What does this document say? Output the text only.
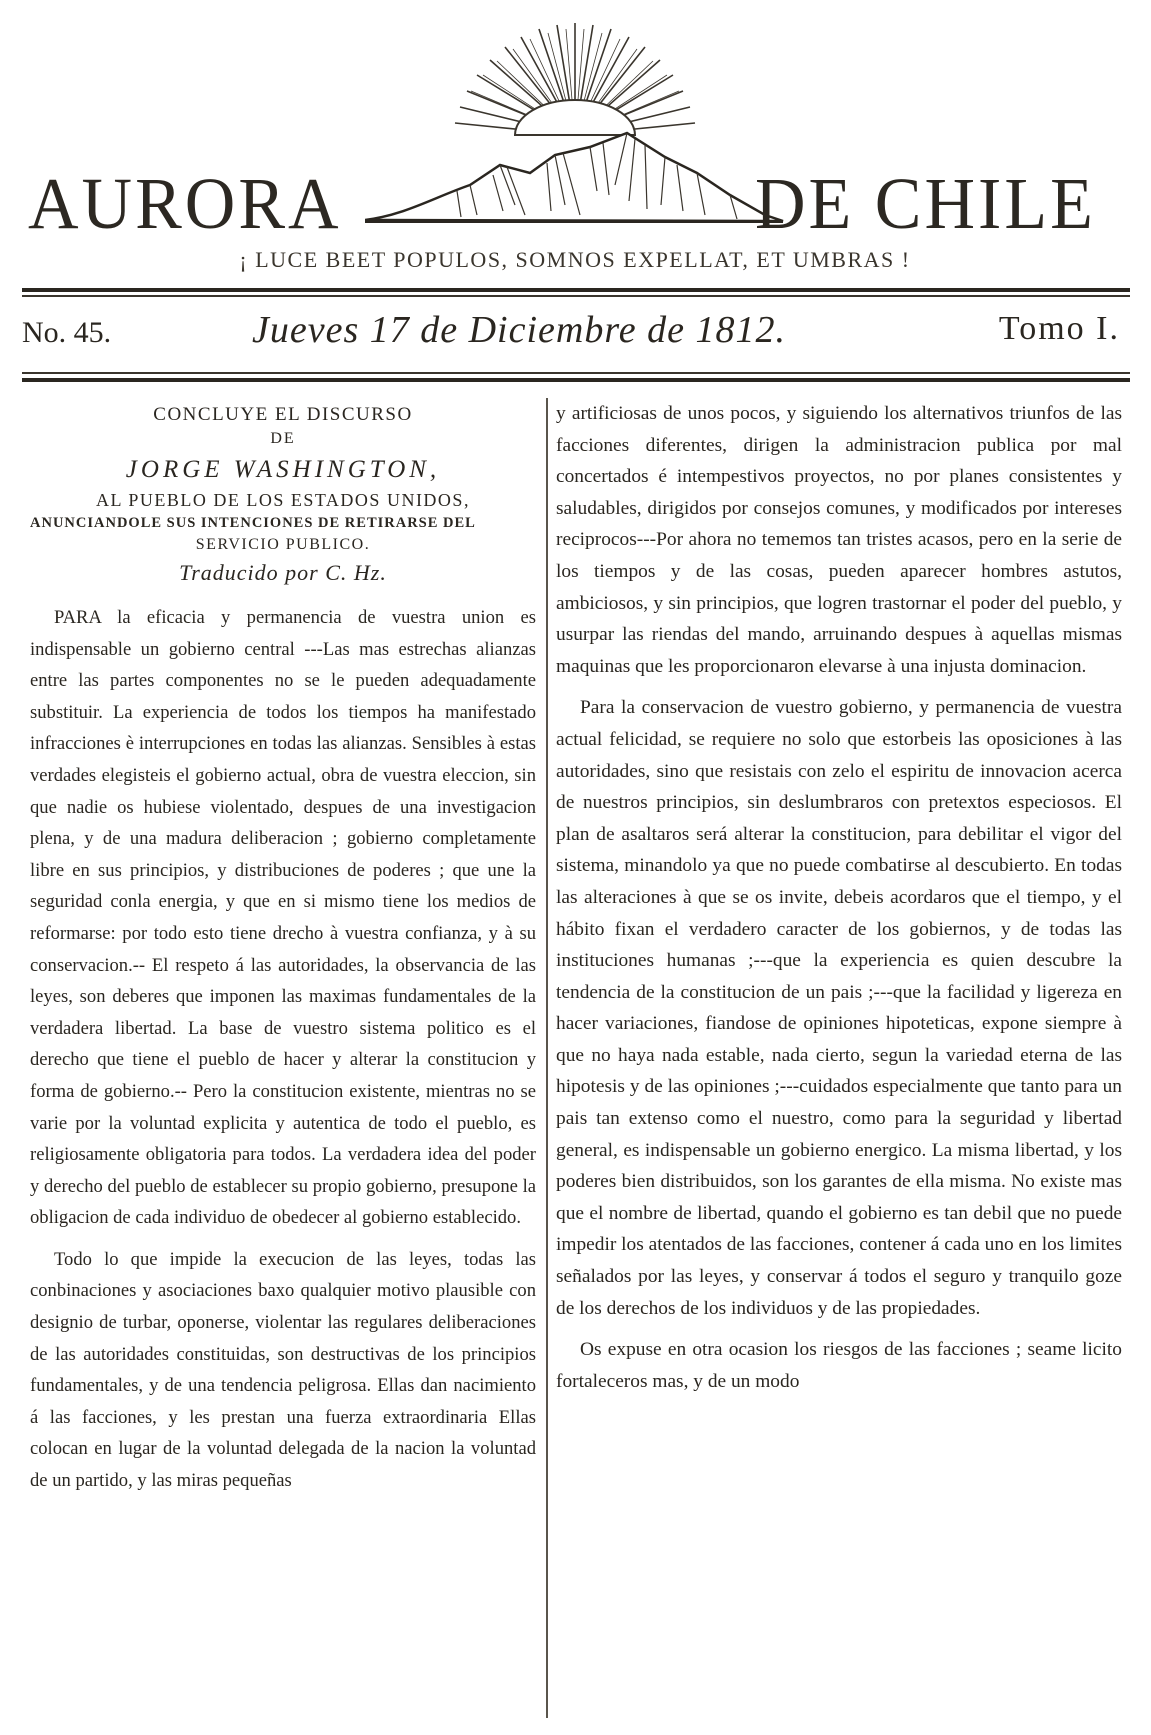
AURORA	DE CHILE
¡ LUCE BEET POPULOS, SOMNOS EXPELLAT, ET UMBRAS !
No. 45.	Jueves 17 de Diciembre de 1812.	Tomo I.
CONCLUYE EL DISCURSO
DE
JORGE WASHINGTON,
AL PUEBLO DE LOS ESTADOS UNIDOS,
ANUNCIANDOLE SUS INTENCIONES DE RETIRARSE DEL
SERVICIO PUBLICO.
Traducido por C. Hz.

PARA la eficacia y permanencia de vuestra union es indispensable un gobierno central ---Las mas estrechas alianzas entre las partes componentes no se le pueden adequadamente substituir. La experiencia de todos los tiempos ha manifestado infracciones è interrupciones en todas las alianzas. Sensibles à estas verdades elegisteis el gobierno actual, obra de vuestra eleccion, sin que nadie os hubiese violentado, despues de una investigacion plena, y de una madura deliberacion ; gobierno completamente libre en sus principios, y distribuciones de poderes ; que une la seguridad conla energia, y que en si mismo tiene los medios de reformarse: por todo esto tiene drecho à vuestra confianza, y à su conservacion.-- El respeto á las autoridades, la observancia de las leyes, son deberes que imponen las maximas fundamentales de la verdadera libertad. La base de vuestro sistema politico es el derecho que tiene el pueblo de hacer y alterar la constitucion y forma de gobierno.-- Pero la constitucion existente, mientras no se varie por la voluntad explicita y autentica de todo el pueblo, es religiosamente obligatoria para todos. La verdadera idea del poder y derecho del pueblo de establecer su propio gobierno, presupone la obligacion de cada individuo de obedecer al gobierno establecido.

Todo lo que impide la execucion de las leyes, todas las conbinaciones y asociaciones baxo qualquier motivo plausible con designio de turbar, oponerse, violentar las regulares deliberaciones de las autoridades constituidas, son destructivas de los principios fundamentales, y de una tendencia peligrosa. Ellas dan nacimiento á las facciones, y les prestan una fuerza extraordinaria Ellas colocan en lugar de la voluntad delegada de la nacion la voluntad de un partido, y las miras pequeñas

y artificiosas de unos pocos, y siguiendo los alternativos triunfos de las facciones diferentes, dirigen la administracion publica por mal concertados é intempestivos proyectos, no por planes consistentes y saludables, dirigidos por consejos comunes, y modificados por intereses reciprocos---Por ahora no tememos tan tristes acasos, pero en la serie de los tiempos y de las cosas, pueden aparecer hombres astutos, ambiciosos, y sin principios, que logren trastornar el poder del pueblo, y usurpar las riendas del mando, arruinando despues à aquellas mismas maquinas que les proporcionaron elevarse à una injusta dominacion.

Para la conservacion de vuestro gobierno, y permanencia de vuestra actual felicidad, se requiere no solo que estorbeis las oposiciones à las autoridades, sino que resistais con zelo el espiritu de innovacion acerca de nuestros principios, sin deslumbraros con pretextos especiosos. El plan de asaltaros será alterar la constitucion, para debilitar el vigor del sistema, minandolo ya que no puede combatirse al descubierto. En todas las alteraciones à que se os invite, debeis acordaros que el tiempo, y el hábito fixan el verdadero caracter de los gobiernos, y de todas las instituciones humanas ;---que la experiencia es quien descubre la tendencia de la constitucion de un pais ;---que la facilidad y ligereza en hacer variaciones, fiandose de opiniones hipoteticas, expone siempre à que no haya nada estable, nada cierto, segun la variedad eterna de las hipotesis y de las opiniones ;---cuidados especialmente que tanto para un pais tan extenso como el nuestro, como para la seguridad y libertad general, es indispensable un gobierno energico. La misma libertad, y los poderes bien distribuidos, son los garantes de ella misma. No existe mas que el nombre de libertad, quando el gobierno es tan debil que no puede impedir los atentados de las facciones, contener á cada uno en los limites señalados por las leyes, y conservar á todos el seguro y tranquilo goze de los derechos de los individuos y de las propiedades.

Os expuse en otra ocasion los riesgos de las facciones ; seame licito fortaleceros mas, y de un modo
